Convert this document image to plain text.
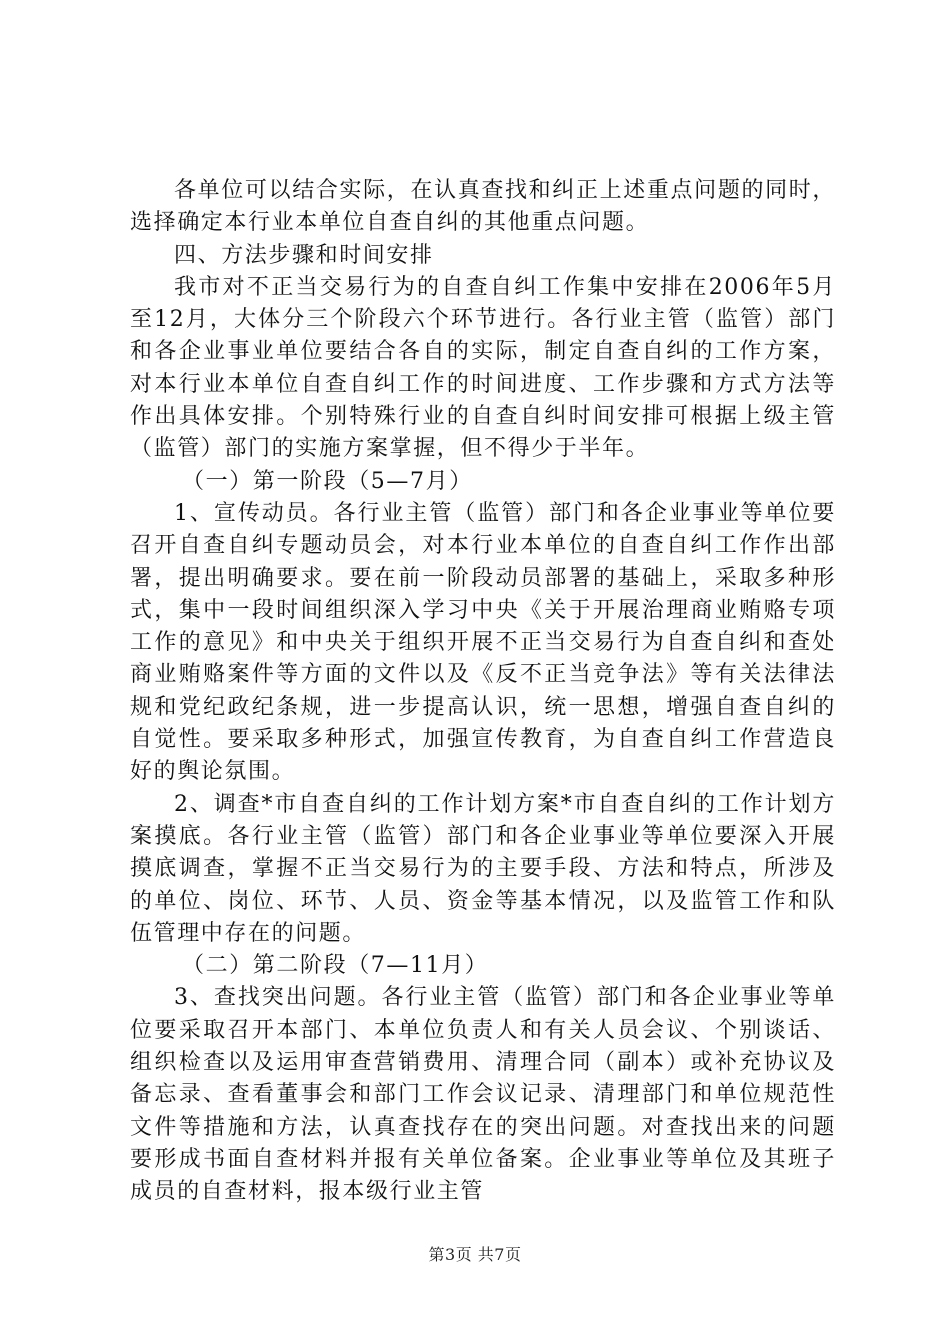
各单位可以结合实际，在认真查找和纠正上述重点问题的同时，选择确定本行业本单位自查自纠的其他重点问题。

四、方法步骤和时间安排

我市对不正当交易行为的自查自纠工作集中安排在2006年5月至12月，大体分三个阶段六个环节进行。各行业主管（监管）部门和各企业事业单位要结合各自的实际，制定自查自纠的工作方案，对本行业本单位自查自纠工作的时间进度、工作步骤和方式方法等作出具体安排。个别特殊行业的自查自纠时间安排可根据上级主管（监管）部门的实施方案掌握，但不得少于半年。

（一）第一阶段（5—7月）

1、宣传动员。各行业主管（监管）部门和各企业事业等单位要召开自查自纠专题动员会，对本行业本单位的自查自纠工作作出部署，提出明确要求。要在前一阶段动员部署的基础上，采取多种形式，集中一段时间组织深入学习中央《关于开展治理商业贿赂专项工作的意见》和中央关于组织开展不正当交易行为自查自纠和查处商业贿赂案件等方面的文件以及《反不正当竞争法》等有关法律法规和党纪政纪条规，进一步提高认识，统一思想，增强自查自纠的自觉性。要采取多种形式，加强宣传教育，为自查自纠工作营造良好的舆论氛围。

2、调查*市自查自纠的工作计划方案*市自查自纠的工作计划方案摸底。各行业主管（监管）部门和各企业事业等单位要深入开展摸底调查，掌握不正当交易行为的主要手段、方法和特点，所涉及的单位、岗位、环节、人员、资金等基本情况，以及监管工作和队伍管理中存在的问题。

（二）第二阶段（7—11月）

3、查找突出问题。各行业主管（监管）部门和各企业事业等单位要采取召开本部门、本单位负责人和有关人员会议、个别谈话、组织检查以及运用审查营销费用、清理合同（副本）或补充协议及备忘录、查看董事会和部门工作会议记录、清理部门和单位规范性文件等措施和方法，认真查找存在的突出问题。对查找出来的问题要形成书面自查材料并报有关单位备案。企业事业等单位及其班子成员的自查材料，报本级行业主管

第3页 共7页
